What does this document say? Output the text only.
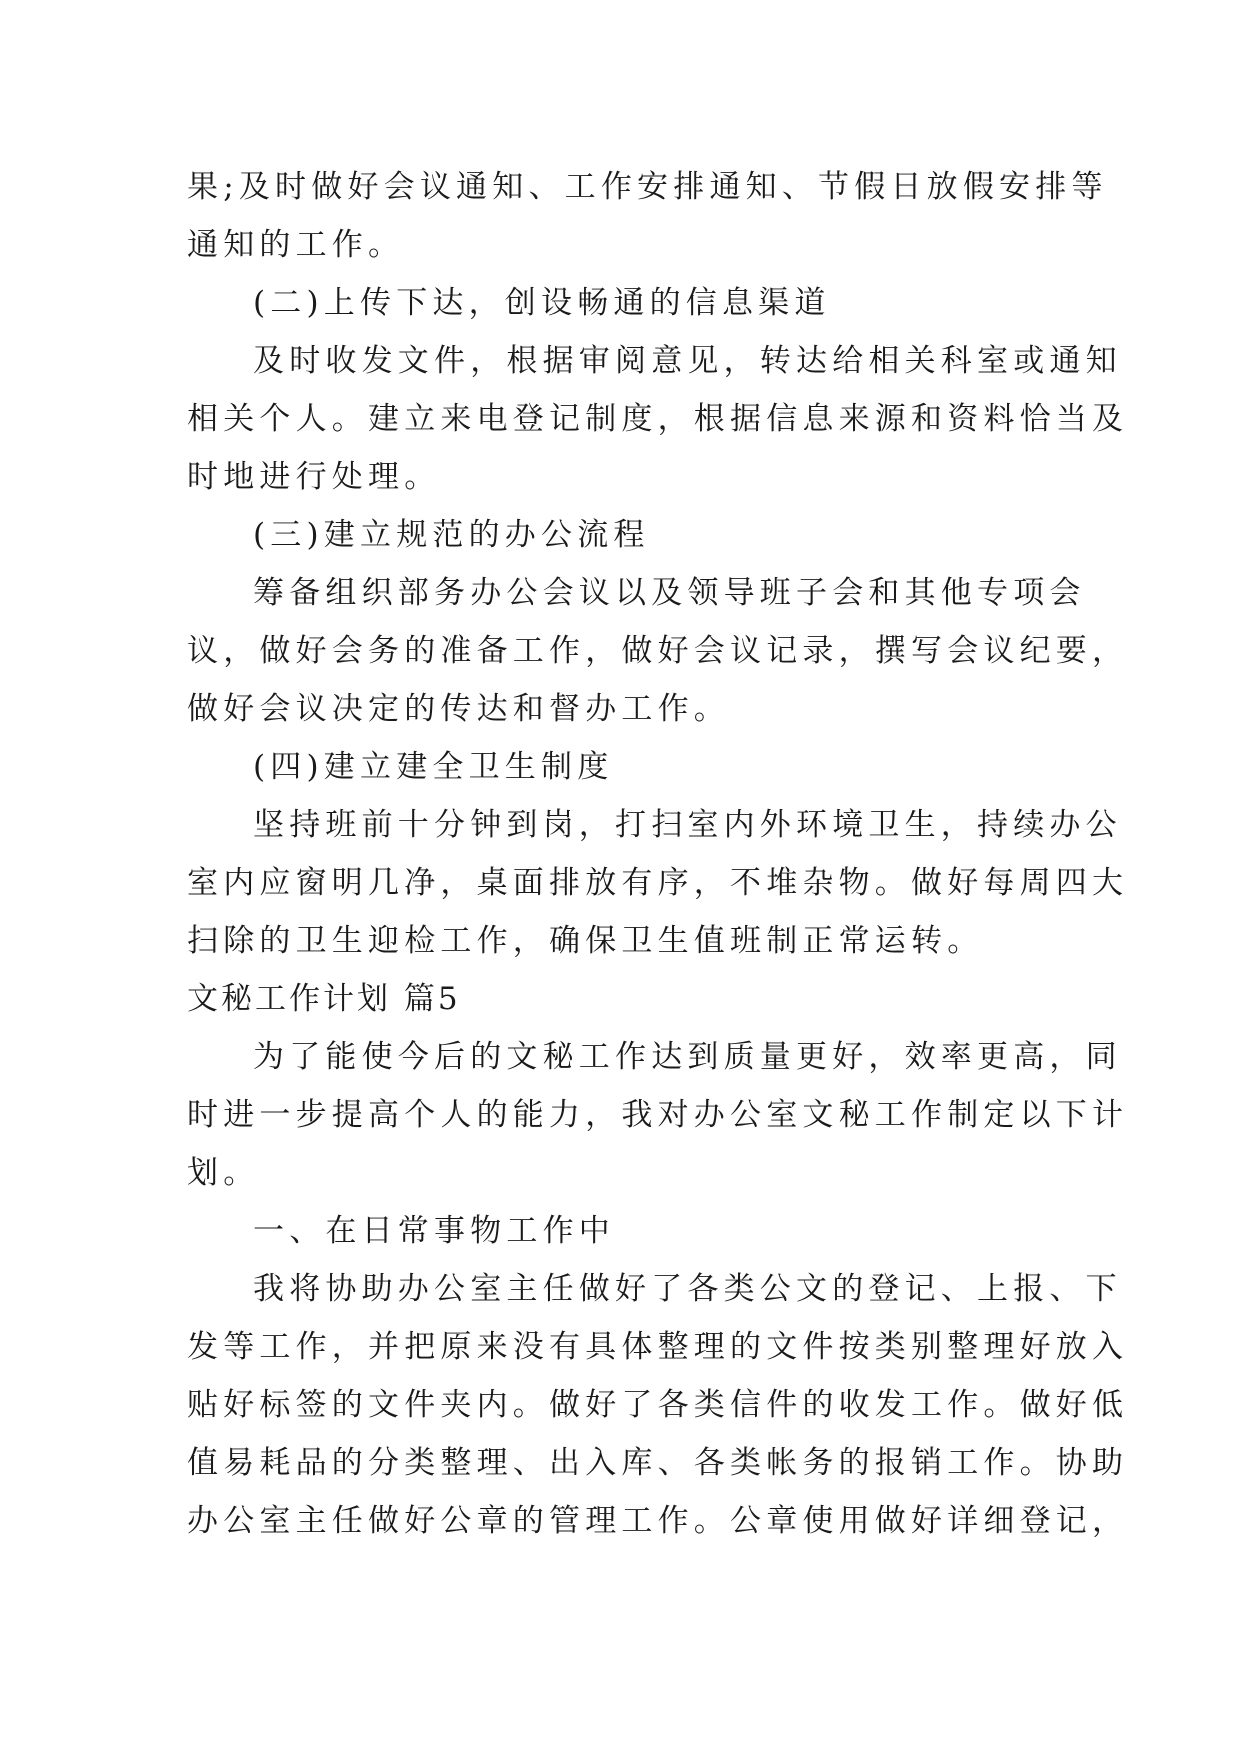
果;及时做好会议通知、工作安排通知、节假日放假安排等
通知的工作。
(二)上传下达，创设畅通的信息渠道
及时收发文件，根据审阅意见，转达给相关科室或通知
相关个人。建立来电登记制度，根据信息来源和资料恰当及
时地进行处理。
(三)建立规范的办公流程
筹备组织部务办公会议以及领导班子会和其他专项会
议，做好会务的准备工作，做好会议记录，撰写会议纪要，
做好会议决定的传达和督办工作。
(四)建立建全卫生制度
坚持班前十分钟到岗，打扫室内外环境卫生，持续办公
室内应窗明几净，桌面排放有序，不堆杂物。做好每周四大
扫除的卫生迎检工作，确保卫生值班制正常运转。
文秘工作计划 篇5
为了能使今后的文秘工作达到质量更好，效率更高，同
时进一步提高个人的能力，我对办公室文秘工作制定以下计
划。
一、在日常事物工作中
我将协助办公室主任做好了各类公文的登记、上报、下
发等工作，并把原来没有具体整理的文件按类别整理好放入
贴好标签的文件夹内。做好了各类信件的收发工作。做好低
值易耗品的分类整理、出入库、各类帐务的报销工作。协助
办公室主任做好公章的管理工作。公章使用做好详细登记，
